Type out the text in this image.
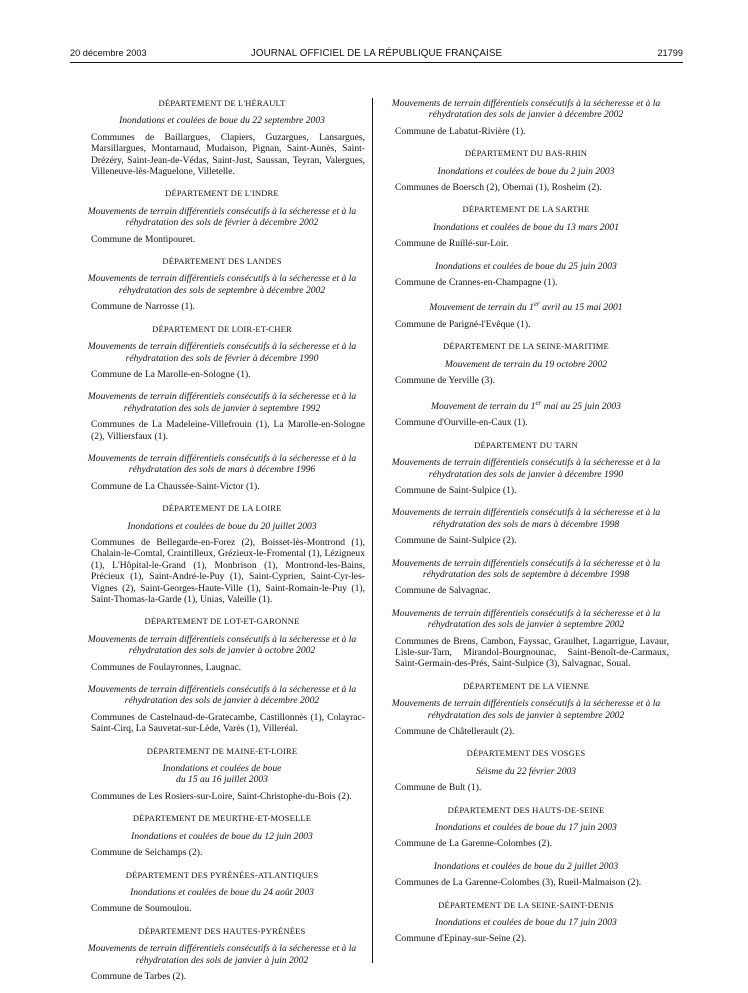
20 décembre 2003	JOURNAL OFFICIEL DE LA RÉPUBLIQUE FRANÇAISE	21799
DÉPARTEMENT DE L'HÉRAULT
Inondations et coulées de boue du 22 septembre 2003
Communes de Baillargues, Clapiers, Guzargues, Lansargues, Marsillargues, Montarnaud, Mudaison, Pignan, Saint-Aunès, Saint-Drézéry, Saint-Jean-de-Védas, Saint-Just, Saussan, Teyran, Valergues, Villeneuve-lès-Maguelone, Villetelle.
DÉPARTEMENT DE L'INDRE
Mouvements de terrain différentiels consécutifs à la sécheresse et à la réhydratation des sols de février à décembre 2002
Commune de Montipouret.
DÉPARTEMENT DES LANDES
Mouvements de terrain différentiels consécutifs à la sécheresse et à la réhydratation des sols de septembre à décembre 2002
Commune de Narrosse (1).
DÉPARTEMENT DE LOIR-ET-CHER
Mouvements de terrain différentiels consécutifs à la sécheresse et à la réhydratation des sols de février à décembre 1990
Commune de La Marolle-en-Sologne (1).
Mouvements de terrain différentiels consécutifs à la sécheresse et à la réhydratation des sols de janvier à septembre 1992
Communes de La Madeleine-Villefrouin (1), La Marolle-en-Sologne (2), Villiersfaux (1).
Mouvements de terrain différentiels consécutifs à la sécheresse et à la réhydratation des sols de mars à décembre 1996
Commune de La Chaussée-Saint-Victor (1).
DÉPARTEMENT DE LA LOIRE
Inondations et coulées de boue du 20 juillet 2003
Communes de Bellegarde-en-Forez (2), Boisset-lès-Montrond (1), Chalain-le-Comtal, Craintilleux, Grézieux-le-Fromental (1), Lézigneux (1), L'Hôpital-le-Grand (1), Monbrison (1), Montrond-les-Bains, Précieux (1), Saint-André-le-Puy (1), Saint-Cyprien, Saint-Cyr-les-Vignes (2), Saint-Georges-Haute-Ville (1), Saint-Romain-le-Puy (1), Saint-Thomas-la-Garde (1), Unias, Valeille (1).
DÉPARTEMENT DE LOT-ET-GARONNE
Mouvements de terrain différentiels consécutifs à la sécheresse et à la réhydratation des sols de janvier à octobre 2002
Communes de Foulayronnes, Laugnac.
Mouvements de terrain différentiels consécutifs à la sécheresse et à la réhydratation des sols de janvier à décembre 2002
Communes de Castelnaud-de-Gratecambe, Castillonnès (1), Colayrac-Saint-Cirq, La Sauvetat-sur-Lède, Varès (1), Villeréal.
DÉPARTEMENT DE MAINE-ET-LOIRE
Inondations et coulées de boue
du 15 au 16 juillet 2003
Communes de Les Rosiers-sur-Loire, Saint-Christophe-du-Bois (2).
DÉPARTEMENT DE MEURTHE-ET-MOSELLE
Inondations et coulées de boue du 12 juin 2003
Commune de Seichamps (2).
DÉPARTEMENT DES PYRÉNÉES-ATLANTIQUES
Inondations et coulées de boue du 24 août 2003
Commune de Soumoulou.
DÉPARTEMENT DES HAUTES-PYRÉNÉES
Mouvements de terrain différentiels consécutifs à la sécheresse et à la réhydratation des sols de janvier à juin 2002
Commune de Tarbes (2).
Mouvements de terrain différentiels consécutifs à la sécheresse et à la réhydratation des sols de janvier à décembre 2002
Commune de Labatut-Rivière (1).
DÉPARTEMENT DU BAS-RHIN
Inondations et coulées de boue du 2 juin 2003
Communes de Boersch (2), Obernai (1), Rosheim (2).
DÉPARTEMENT DE LA SARTHE
Inondations et coulées de boue du 13 mars 2001
Commune de Ruillé-sur-Loir.
Inondations et coulées de boue du 25 juin 2003
Commune de Crannes-en-Champagne (1).
Mouvement de terrain du 1er avril au 15 mai 2001
Commune de Parigné-l'Evêque (1).
DÉPARTEMENT DE LA SEINE-MARITIME
Mouvement de terrain du 19 octobre 2002
Commune de Yerville (3).
Mouvement de terrain du 1er mai au 25 juin 2003
Commune d'Ourville-en-Caux (1).
DÉPARTEMENT DU TARN
Mouvements de terrain différentiels consécutifs à la sécheresse et à la réhydratation des sols de janvier à décembre 1990
Commune de Saint-Sulpice (1).
Mouvements de terrain différentiels consécutifs à la sécheresse et à la réhydratation des sols de mars à décembre 1998
Commune de Saint-Sulpice (2).
Mouvements de terrain différentiels consécutifs à la sécheresse et à la réhydratation des sols de septembre à décembre 1998
Commune de Salvagnac.
Mouvements de terrain différentiels consécutifs à la sécheresse et à la réhydratation des sols de janvier à septembre 2002
Communes de Brens, Cambon, Fayssac, Graulhet, Lagarrigue, Lavaur, Lisle-sur-Tarn, Mirandol-Bourgnounac, Saint-Benoît-de-Carmaux, Saint-Germain-des-Prés, Saint-Sulpice (3), Salvagnac, Soual.
DÉPARTEMENT DE LA VIENNE
Mouvements de terrain différentiels consécutifs à la sécheresse et à la réhydratation des sols de janvier à septembre 2002
Commune de Châtellerault (2).
DÉPARTEMENT DES VOSGES
Séisme du 22 février 2003
Commune de Bult (1).
DÉPARTEMENT DES HAUTS-DE-SEINE
Inondations et coulées de boue du 17 juin 2003
Commune de La Garenne-Colombes (2).
Inondations et coulées de boue du 2 juillet 2003
Communes de La Garenne-Colombes (3), Rueil-Malmaison (2).
DÉPARTEMENT DE LA SEINE-SAINT-DENIS
Inondations et coulées de boue du 17 juin 2003
Commune d'Epinay-sur-Seine (2).
